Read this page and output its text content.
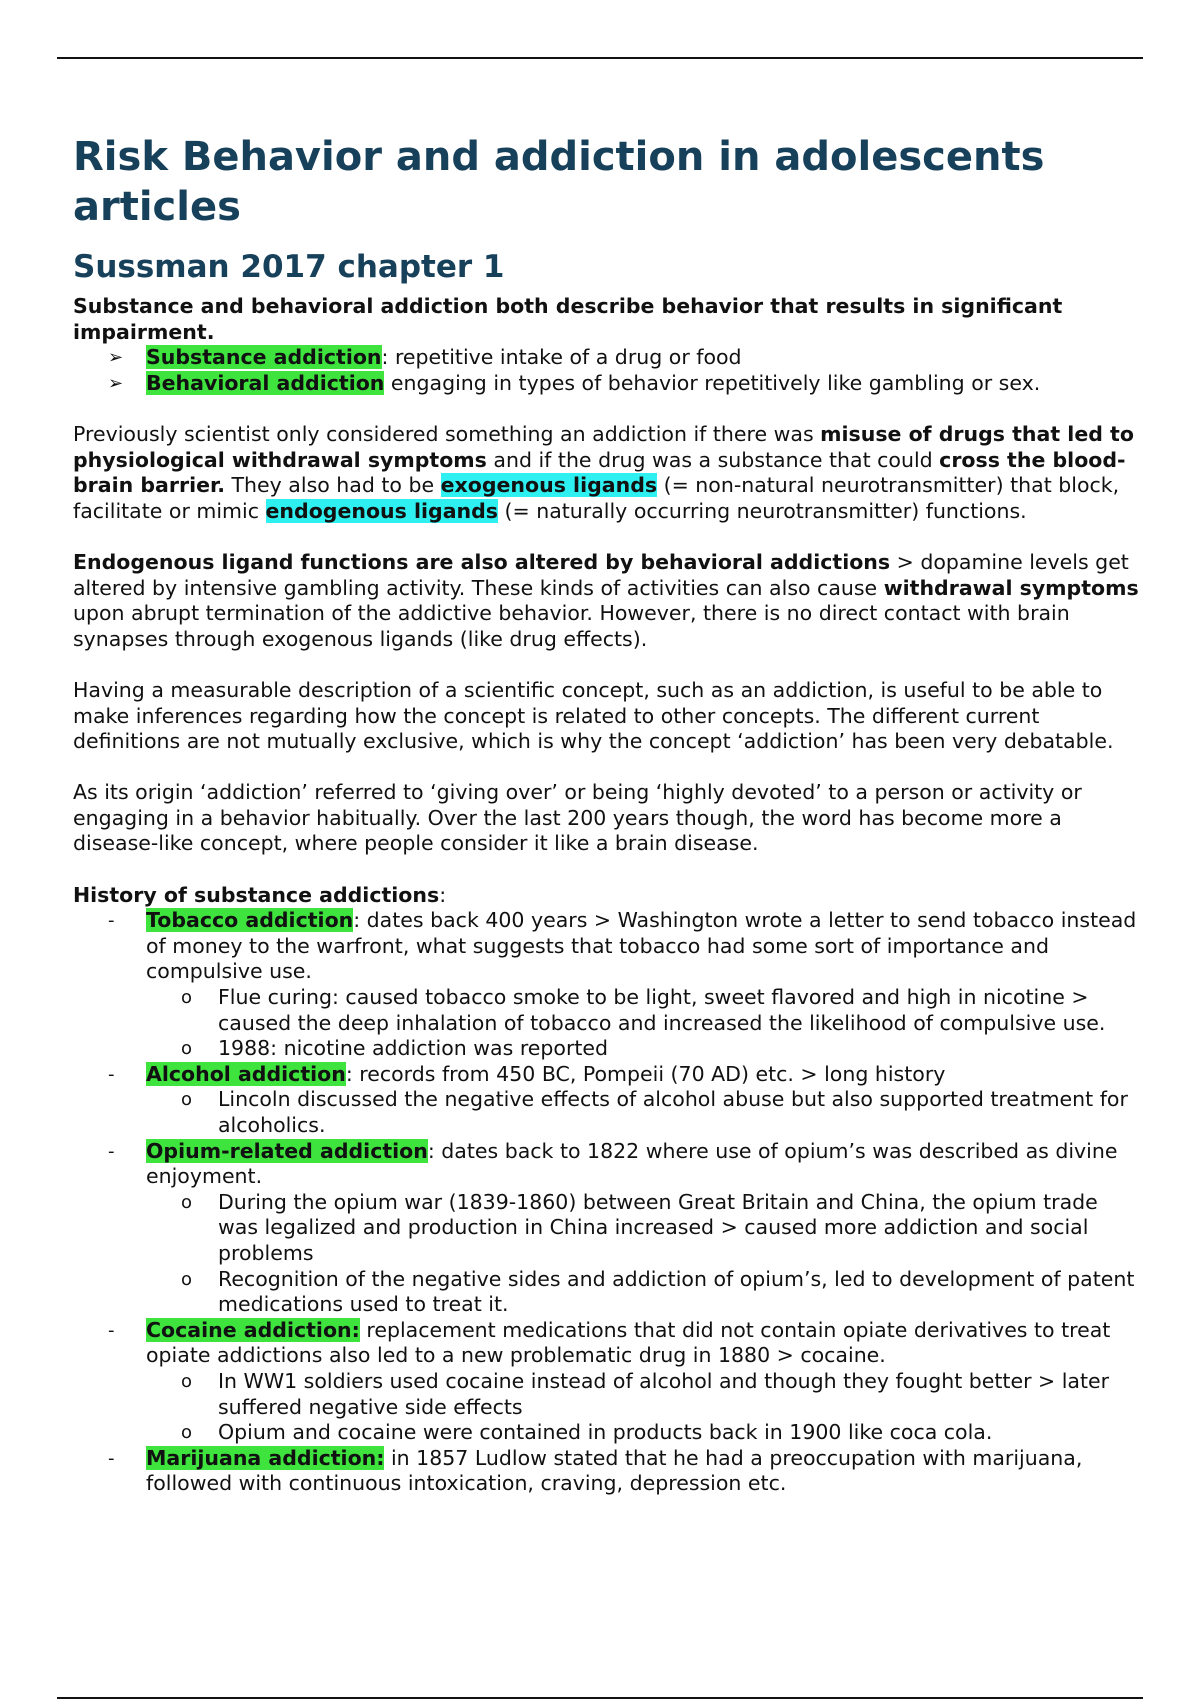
Risk Behavior and addiction in adolescents articles
Sussman 2017 chapter 1

Substance and behavioral addiction both describe behavior that results in significant impairment.

➢ Substance addiction: repetitive intake of a drug or food
➢ Behavioral addiction engaging in types of behavior repetitively like gambling or sex.

Previously scientist only considered something an addiction if there was misuse of drugs that led to physiological withdrawal symptoms and if the drug was a substance that could cross the blood-brain barrier. They also had to be exogenous ligands (= non-natural neurotransmitter) that block, facilitate or mimic endogenous ligands (= naturally occurring neurotransmitter) functions.

Endogenous ligand functions are also altered by behavioral addictions > dopamine levels get altered by intensive gambling activity. These kinds of activities can also cause withdrawal symptoms upon abrupt termination of the addictive behavior. However, there is no direct contact with brain synapses through exogenous ligands (like drug effects).

Having a measurable description of a scientific concept, such as an addiction, is useful to be able to make inferences regarding how the concept is related to other concepts. The different current definitions are not mutually exclusive, which is why the concept ‘addiction’ has been very debatable.

As its origin ‘addiction’ referred to ‘giving over’ or being ‘highly devoted’ to a person or activity or engaging in a behavior habitually. Over the last 200 years though, the word has become more a disease-like concept, where people consider it like a brain disease.

History of substance addictions:

- Tobacco addiction: dates back 400 years > Washington wrote a letter to send tobacco instead of money to the warfront, what suggests that tobacco had some sort of importance and compulsive use.
o Flue curing: caused tobacco smoke to be light, sweet flavored and high in nicotine > caused the deep inhalation of tobacco and increased the likelihood of compulsive use.
o 1988: nicotine addiction was reported
- Alcohol addiction: records from 450 BC, Pompeii (70 AD) etc. > long history
o Lincoln discussed the negative effects of alcohol abuse but also supported treatment for alcoholics.
- Opium-related addiction: dates back to 1822 where use of opium’s was described as divine enjoyment.
o During the opium war (1839-1860) between Great Britain and China, the opium trade was legalized and production in China increased > caused more addiction and social problems
o Recognition of the negative sides and addiction of opium’s, led to development of patent medications used to treat it.
- Cocaine addiction: replacement medications that did not contain opiate derivatives to treat opiate addictions also led to a new problematic drug in 1880 > cocaine.
o In WW1 soldiers used cocaine instead of alcohol and though they fought better > later suffered negative side effects
o Opium and cocaine were contained in products back in 1900 like coca cola.
- Marijuana addiction: in 1857 Ludlow stated that he had a preoccupation with marijuana, followed with continuous intoxication, craving, depression etc.
